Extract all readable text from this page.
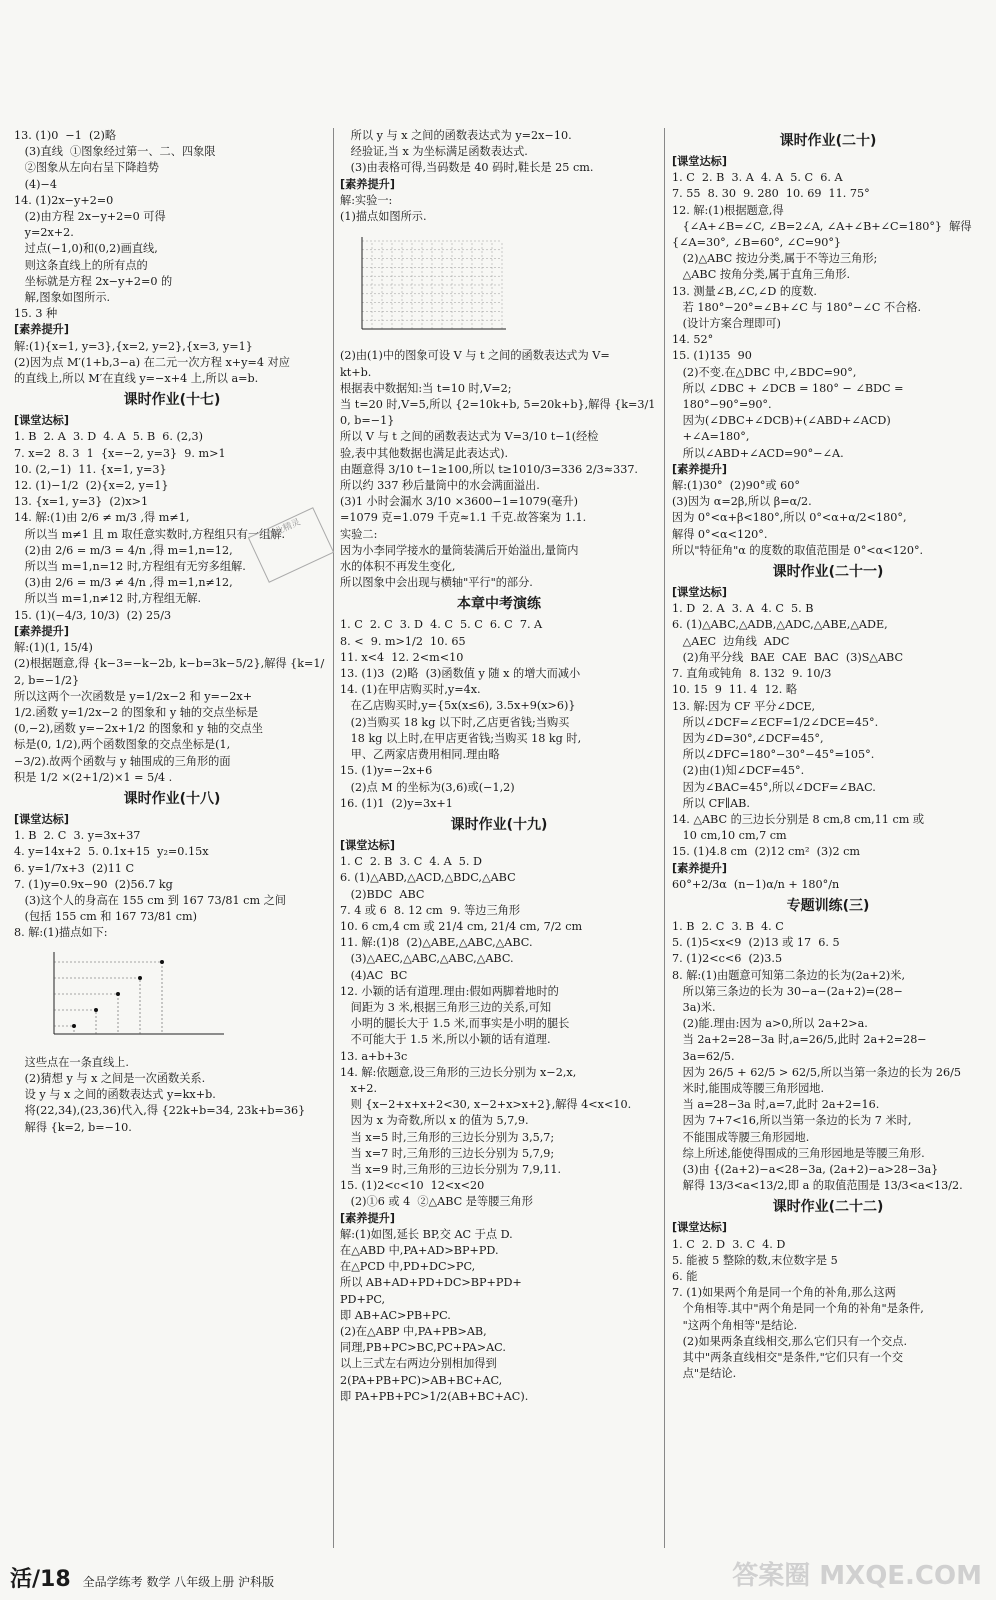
13. (1)0  −1  (2)略
(3)直线  ①图象经过第一、二、四象限
②图象从左向右呈下降趋势
(4)−4
14. (1)2x−y+2=0
(2)由方程 2x−y+2=0 可得
y=2x+2.
过点(−1,0)和(0,2)画直线,
则这条直线上的所有点的
坐标就是方程 2x−y+2=0 的
解,图象如图所示.
15. 3 种
[素养提升]
解:(1){x=1, y=3},{x=2, y=2},{x=3, y=1}
(2)因为点 M′(1+b,3−a) 在二元一次方程 x+y=4 对应
的直线上,所以 M′在直线 y=−x+4 上,所以 a=b.
课时作业(十七)
[课堂达标]
1. B  2. A  3. D  4. A  5. B  6. (2,3)
7. x=2  8. 3  1  {x=−2, y=3}  9. m>1
10. (2,−1)  11. {x=1, y=3}
12. (1)−1/2  (2){x=2, y=1}
13. {x=1, y=3}  (2)x>1
14. 解:(1)由 2/6 ≠ m/3 ,得 m≠1,
所以当 m≠1 且 m 取任意实数时,方程组只有一组解.
(2)由 2/6 = m/3 = 4/n ,得 m=1,n=12,
所以当 m=1,n=12 时,方程组有无穷多组解.
(3)由 2/6 = m/3 ≠ 4/n ,得 m=1,n≠12,
所以当 m=1,n≠12 时,方程组无解.
15. (1)(−4/3, 10/3)  (2) 25/3
[素养提升]
解:(1)(1, 15/4)
(2)根据题意,得 {k−3=−k−2b, k−b=3k−5/2},解得 {k=1/2, b=−1/2}
所以这两个一次函数是 y=1/2x−2 和 y=−2x+
1/2.函数 y=1/2x−2 的图象和 y 轴的交点坐标是
(0,−2),函数 y=−2x+1/2 的图象和 y 轴的交点坐
标是(0, 1/2),两个函数图象的交点坐标是(1,
−3/2).故两个函数与 y 轴围成的三角形的面
积是 1/2 ×(2+1/2)×1 = 5/4 .
课时作业(十八)
[课堂达标]
1. B  2. C  3. y=3x+37
4. y=14x+2  5. 0.1x+15  y₂=0.15x
6. y=1/7x+3  (2)11 C
7. (1)y=0.9x−90  (2)56.7 kg
(3)这个人的身高在 155 cm 到 167 73/81 cm 之间
(包括 155 cm 和 167 73/81 cm)
8. 解:(1)描点如下:
这些点在一条直线上.
(2)猜想 y 与 x 之间是一次函数关系.
设 y 与 x 之间的函数表达式 y=kx+b.
将(22,34),(23,36)代入,得 {22k+b=34, 23k+b=36}
解得 {k=2, b=−10.
所以 y 与 x 之间的函数表达式为 y=2x−10.
经验证,当 x 为坐标满足函数表达式.
(3)由表格可得,当码数是 40 码时,鞋长是 25 cm.
[素养提升]
解:实验一:
(1)描点如图所示.
(2)由(1)中的图象可设 V 与 t 之间的函数表达式为 V=
kt+b.
根据表中数据知:当 t=10 时,V=2;
当 t=20 时,V=5,所以 {2=10k+b, 5=20k+b},解得 {k=3/10, b=−1}
所以 V 与 t 之间的函数表达式为 V=3/10 t−1(经检
验,表中其他数据也满足此表达式).
由题意得 3/10 t−1≥100,所以 t≥1010/3=336 2/3≈337.
所以约 337 秒后量筒中的水会满面溢出.
(3)1 小时会漏水 3/10 ×3600−1=1079(毫升)
=1079 克=1.079 千克≈1.1 千克.故答案为 1.1.
实验二:
因为小李同学接水的量筒装满后开始溢出,量筒内
水的体积不再发生变化,
所以图象中会出现与横轴"平行"的部分.
本章中考演练
1. C  2. C  3. D  4. C  5. C  6. C  7. A
8. <  9. m>1/2  10. 65
11. x<4  12. 2<m<10
13. (1)3  (2)略  (3)函数值 y 随 x 的增大而减小
14. (1)在甲店购买时,y=4x.
在乙店购买时,y={5x(x≤6), 3.5x+9(x>6)}
(2)当购买 18 kg 以下时,乙店更省钱;当购买
18 kg 以上时,在甲店更省钱;当购买 18 kg 时,
甲、乙两家店费用相同.理由略
15. (1)y=−2x+6
(2)点 M 的坐标为(3,6)或(−1,2)
16. (1)1  (2)y=3x+1
课时作业(十九)
[课堂达标]
1. C  2. B  3. C  4. A  5. D
6. (1)△ABD,△ACD,△BDC,△ABC
(2)BDC  ABC
7. 4 或 6  8. 12 cm  9. 等边三角形
10. 6 cm,4 cm 或 21/4 cm, 21/4 cm, 7/2 cm
11. 解:(1)8  (2)△ABE,△ABC,△ABC.
(3)△AEC,△ABC,△ABC,△ABC.
(4)AC  BC
12. 小颖的话有道理.理由:假如两脚着地时的
间距为 3 米,根据三角形三边的关系,可知
小明的腿长大于 1.5 米,而事实是小明的腿长
不可能大于 1.5 米,所以小颖的话有道理.
13. a+b+3c
14. 解:依题意,设三角形的三边长分别为 x−2,x,
x+2.
则 {x−2+x+x+2<30, x−2+x>x+2},解得 4<x<10.
因为 x 为奇数,所以 x 的值为 5,7,9.
当 x=5 时,三角形的三边长分别为 3,5,7;
当 x=7 时,三角形的三边长分别为 5,7,9;
当 x=9 时,三角形的三边长分别为 7,9,11.
15. (1)2<c<10  12<x<20
(2)①6 或 4  ②△ABC 是等腰三角形
[素养提升]
解:(1)如图,延长 BP,交 AC 于点 D.
在△ABD 中,PA+AD>BP+PD.
在△PCD 中,PD+DC>PC,
所以 AB+AD+PD+DC>BP+PD+
PD+PC,
即 AB+AC>PB+PC.
(2)在△ABP 中,PA+PB>AB,
同理,PB+PC>BC,PC+PA>AC.
以上三式左右两边分别相加得到
2(PA+PB+PC)>AB+BC+AC,
即 PA+PB+PC>1/2(AB+BC+AC).
课时作业(二十)
[课堂达标]
1. C  2. B  3. A  4. A  5. C  6. A
7. 55  8. 30  9. 280  10. 69  11. 75°
12. 解:(1)根据题意,得
{∠A+∠B=∠C, ∠B=2∠A, ∠A+∠B+∠C=180°}  解得 {∠A=30°, ∠B=60°, ∠C=90°}
(2)△ABC 按边分类,属于不等边三角形;
△ABC 按角分类,属于直角三角形.
13. 测量∠B,∠C,∠D 的度数.
若 180°−20°=∠B+∠C 与 180°−∠C 不合格.
(设计方案合理即可)
14. 52°
15. (1)135  90
(2)不变.在△DBC 中,∠BDC=90°,
所以 ∠DBC + ∠DCB = 180° − ∠BDC =
180°−90°=90°.
因为(∠DBC+∠DCB)+(∠ABD+∠ACD)
+∠A=180°,
所以∠ABD+∠ACD=90°−∠A.
[素养提升]
解:(1)30°  (2)90°或 60°
(3)因为 α=2β,所以 β=α/2.
因为 0°<α+β<180°,所以 0°<α+α/2<180°,
解得 0°<α<120°.
所以"特征角"α 的度数的取值范围是 0°<α<120°.
课时作业(二十一)
[课堂达标]
1. D  2. A  3. A  4. C  5. B
6. (1)△ABC,△ADB,△ADC,△ABE,△ADE,
△AEC  边角线  ADC
(2)角平分线  BAE  CAE  BAC  (3)S△ABC
7. 直角或钝角  8. 132  9. 10/3
10. 15  9  11. 4  12. 略
13. 解:因为 CF 平分∠DCE,
所以∠DCF=∠ECF=1/2∠DCE=45°.
因为∠D=30°,∠DCF=45°,
所以∠DFC=180°−30°−45°=105°.
(2)由(1)知∠DCF=45°.
因为∠BAC=45°,所以∠DCF=∠BAC.
所以 CF∥AB.
14. △ABC 的三边长分别是 8 cm,8 cm,11 cm 或
10 cm,10 cm,7 cm
15. (1)4.8 cm  (2)12 cm²  (3)2 cm
[素养提升]
60°+2/3α  (n−1)α/n + 180°/n
专题训练(三)
1. B  2. C  3. B  4. C
5. (1)5<x<9  (2)13 或 17  6. 5
7. (1)2<c<6  (2)3.5
8. 解:(1)由题意可知第二条边的长为(2a+2)米,
所以第三条边的长为 30−a−(2a+2)=(28−
3a)米.
(2)能.理由:因为 a>0,所以 2a+2>a.
当 2a+2=28−3a 时,a=26/5,此时 2a+2=28−
3a=62/5.
因为 26/5 + 62/5 > 62/5,所以当第一条边的长为 26/5
米时,能围成等腰三角形园地.
当 a=28−3a 时,a=7,此时 2a+2=16.
因为 7+7<16,所以当第一条边的长为 7 米时,
不能围成等腰三角形园地.
综上所述,能使得围成的三角形园地是等腰三角形.
(3)由 {(2a+2)−a<28−3a, (2a+2)−a>28−3a}
解得 13/3<a<13/2,即 a 的取值范围是 13/3<a<13/2.
课时作业(二十二)
[课堂达标]
1. C  2. D  3. C  4. D
5. 能被 5 整除的数,末位数字是 5
6. 能
7. (1)如果两个角是同一个角的补角,那么这两
个角相等.其中"两个角是同一个角的补角"是条件,
"这两个角相等"是结论.
(2)如果两条直线相交,那么它们只有一个交点.
其中"两条直线相交"是条件,"它们只有一个交
点"是结论.
作业精灵
答案圈 MXQE.COM
活/18 全品学练考 数学 八年级上册 沪科版
